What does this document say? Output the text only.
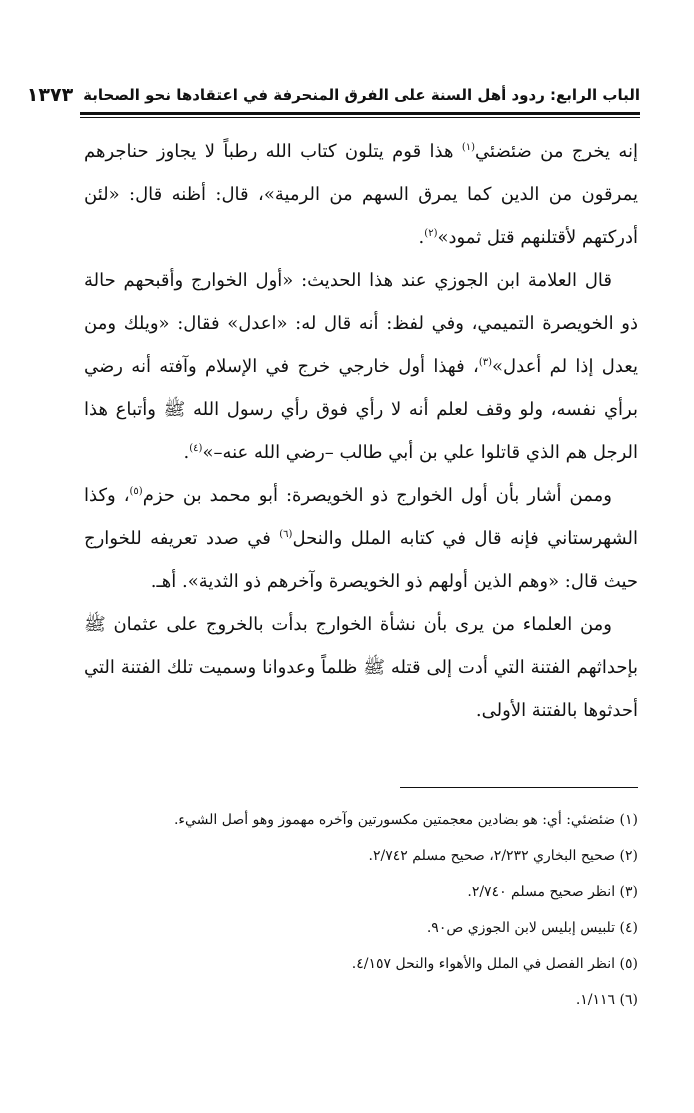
الباب الرابع: ردود أهل السنة على الفرق المنحرفة في اعتقادها نحو الصحابة
١٣٧٣

إنه يخرج من ضئضئي$^{(١)}$ هذا قوم يتلون كتاب الله رطباً لا يجاوز حناجرهم يمرقون من الدين كما يمرق السهم من الرمية»، قال: أظنه قال: «لئن أدركتهم لأقتلنهم قتل ثمود»$^{(٢)}$.

قال العلامة ابن الجوزي عند هذا الحديث: «أول الخوارج وأقبحهم حالة ذو الخويصرة التميمي، وفي لفظ: أنه قال له: «اعدل» فقال: «ويلك ومن يعدل إذا لم أعدل»$^{(٣)}$، فهذا أول خارجي خرج في الإسلام وآفته أنه رضي برأي نفسه، ولو وقف لعلم أنه لا رأي فوق رأي رسول الله ﷺ وأتباع هذا الرجل هم الذي قاتلوا علي بن أبي طالب –رضي الله عنه–»$^{(٤)}$.

وممن أشار بأن أول الخوارج ذو الخويصرة: أبو محمد بن حزم$^{(٥)}$، وكذا الشهرستاني فإنه قال في كتابه الملل والنحل$^{(٦)}$ في صدد تعريفه للخوارج حيث قال: «وهم الذين أولهم ذو الخويصرة وآخرهم ذو الثدية». أهـ.

ومن العلماء من يرى بأن نشأة الخوارج بدأت بالخروج على عثمان ﷺ بإحداثهم الفتنة التي أدت إلى قتله ﷺ ظلماً وعدوانا وسميت تلك الفتنة التي أحدثوها بالفتنة الأولى.

(١) ضئضئي: أي: هو بضادين معجمتين مكسورتين وآخره مهموز وهو أصل الشيء.
(٢) صحيح البخاري ٢/٢٣٢، صحيح مسلم ٢/٧٤٢.
(٣) انظر صحيح مسلم ٢/٧٤٠.
(٤) تلبيس إبليس لابن الجوزي ص٩٠.
(٥) انظر الفصل في الملل والأهواء والنحل ٤/١٥٧.
(٦) ١/١١٦.
